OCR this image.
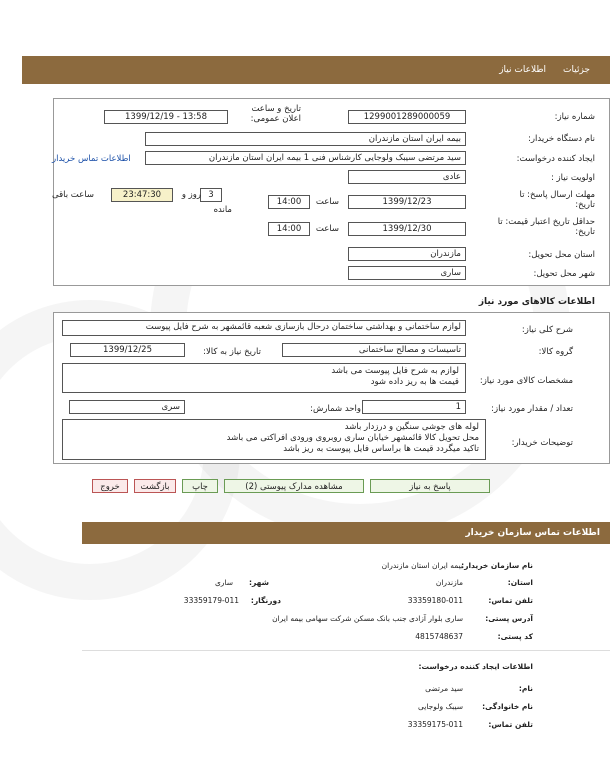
جزئیات
اطلاعات نیاز
شماره نیاز:
1299001289000059
تاریخ و ساعت اعلان عمومی:
1399/12/19 - 13:58
نام دستگاه خریدار:
بیمه ایران استان مازندران
ایجاد کننده درخواست:
سید مرتضی سیبک ولوجایی کارشناس فنی 1 بیمه ایران استان مازندران
اطلاعات تماس خریدار
اولویت نیاز :
عادی
مهلت ارسال پاسخ: تا تاریخ:
1399/12/23
ساعت
14:00
3
روز و
مانده
23:47:30
ساعت باقی
حداقل تاریخ اعتبار قیمت: تا تاریخ:
1399/12/30
ساعت
14:00
استان محل تحویل:
مازندران
شهر محل تحویل:
ساری
اطلاعات کالاهای مورد نیاز
شرح کلی نیاز:
لوازم ساختمانی و بهداشتی ساختمان درحال بازسازی شعبه قائمشهر به شرح فایل پیوست
گروه کالا:
تاسیسات و مصالح ساختمانی
تاریخ نیاز به کالا:
1399/12/25
مشخصات کالای مورد نیاز:
لوازم به شرح فایل پیوست می باشد
قیمت ها به ریز داده شود
تعداد / مقدار مورد نیاز:
1
واحد شمارش:
سری
توضیحات خریدار:
لوله های جوشی سنگین و درزدار باشد
محل تحویل کالا قائمشهر خیابان ساری روبروی ورودی افراکتی می باشد
تاکید میگردد قیمت ها براساس فایل پیوست به ریز باشد
پاسخ به نیاز
مشاهده مدارک پیوستی (2)
چاپ
بازگشت
خروج
اطلاعات تماس سازمان خریدار
نام سازمان خریدار:
بیمه ایران استان مازندران
استان:
مازندران
شهر:
ساری
تلفن تماس:
33359180-011
دورنگار:
33359179-011
آدرس پستی:
ساری بلوار آزادی جنب بانک مسکن شرکت سهامی بیمه ایران
کد پستی:
4815748637
اطلاعات ایجاد کننده درخواست:
نام:
سید مرتضی
نام خانوادگی:
سیبک ولوجایی
تلفن تماس:
33359175-011
